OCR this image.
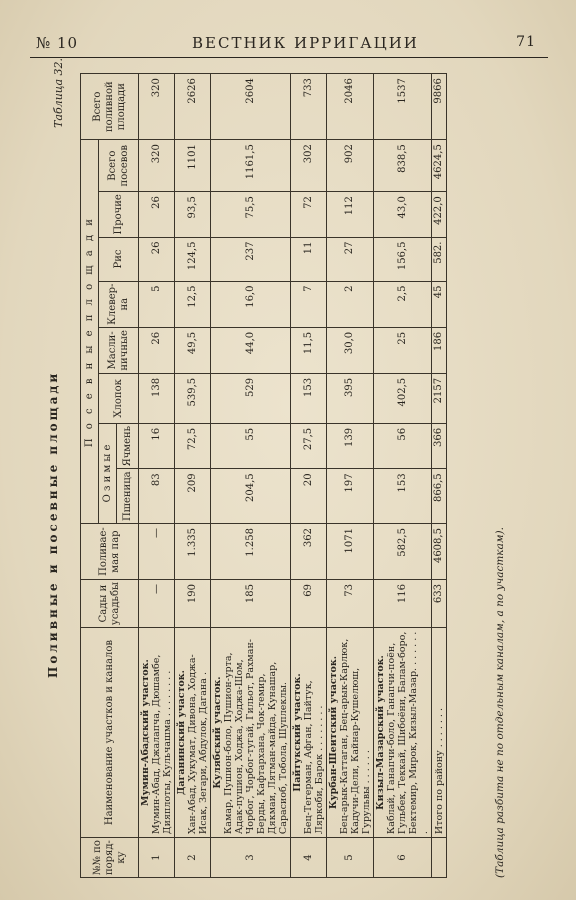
№ 10	ВЕСТНИК ИРРИГАЦИИ	71
Поливные и посевные площади
Таблица 32.
№№ по поряд-ку	Наименование участков и каналов	Сады и усадьбы	Поливае-мая пар	П о с е в н ы е п л о щ а д и								Всего поливной площади
				О з и м ы е		Хлопок	Масли-ничные	Клевер-на	Рис	Прочие	Всего посевов	
				Пшеница	Ячмень							
1	Мумин-Абадский участок. Мумин-Абад, Джалапча, Дюшамбе, Дияплоты, Кульчашма . . . . . . . .	—	—	83	16	138	26	5	26	26	320	320
2	Даганинский участок. Хан-Абад, Хукумат, Дивона, Ходжа-Исак, Зегари, Абдулок, Дагана .	190	1.335	209	72,5	539,5	49,5	12,5	124,5	93,5	1101	2626
3	Кулябский участок. Камар, Пушион-боло, Пушион-урта, Адак-пушион, Ходжа, Ходжа-Шом, Чорбог, Чорбог-тугай, Гильот, Рахман-Берды, Кафтархана, Чок-темир, Дякмаи, Лятман-майда, Кунашар, Сарасиоб, Тобола, Шуплеклы.	185	1.258	204,5	55	529	44,0	16,0	237	75,5	1161,5	2604
4	Пайтукский участок. Бец-Тегерман, Афган, Пайтук, Ляркоби, Барок . . . . . . . .	69	362	20	27,5	153	11,5	7	11	72	302	733
5	Курбан-Шеитский участок. Бец-арык-Каттаган, Бец-арык-Карлюк, Кадучи-Дели, Кайнар-Кушелюш, Гурульвы . . . . . .	73	1071	197	139	395	30,0	2	27	112	902	2046
6	Кизыл-Мазарский участок. Каблай, Ганапчи-боло, Ганапчи-поён, Гульбек, Теккай, Шибоёни, Балам-боро, Бектемир, Мирок, Кизыл-Мазар. . . . . . . .	116	582,5	153	56	402,5	25	2,5	156,5	43,0	838,5	1537
	Итого по району . . . . . . .	633	4608,5	866,5	366	2157	186	45	582.	422,0	4624,5	9866
(Таблица разбита не по отдельным каналам, а по участкам).
